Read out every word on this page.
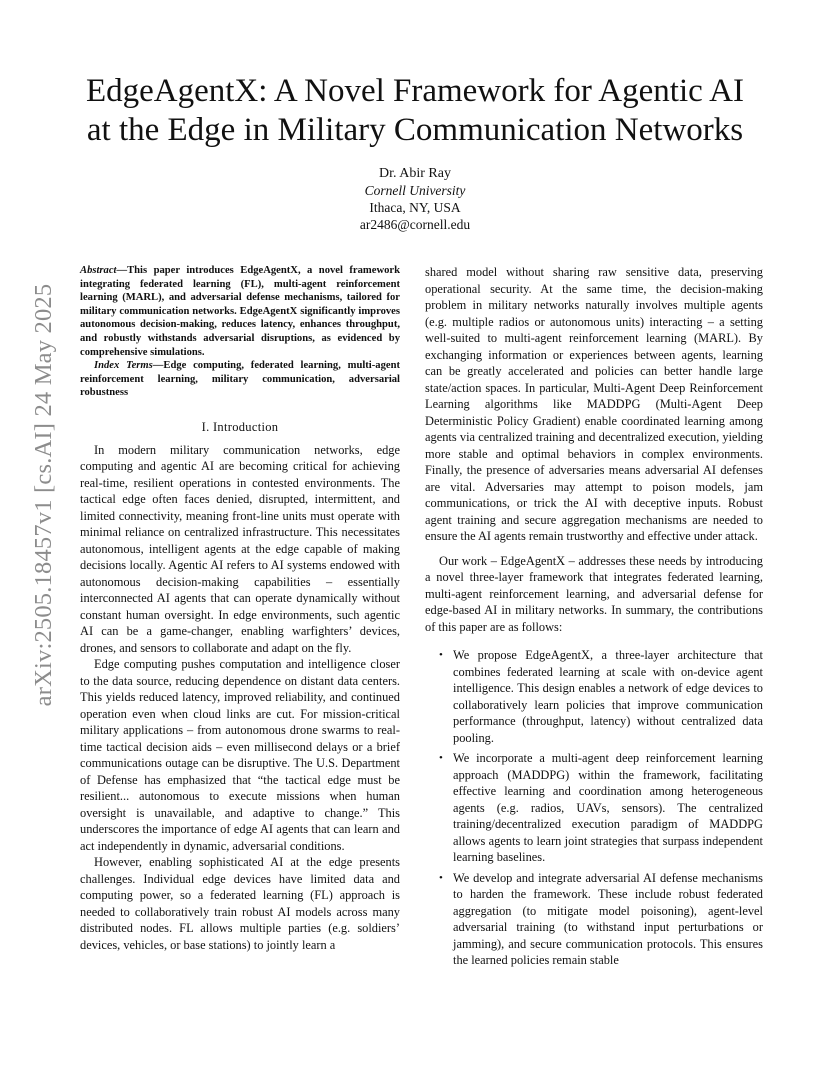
arXiv:2505.18457v1 [cs.AI] 24 May 2025
EdgeAgentX: A Novel Framework for Agentic AI
at the Edge in Military Communication Networks
Dr. Abir Ray
Cornell University
Ithaca, NY, USA
ar2486@cornell.edu

Abstract—This paper introduces EdgeAgentX, a novel framework integrating federated learning (FL), multi-agent reinforcement learning (MARL), and adversarial defense mechanisms, tailored for military communication networks. EdgeAgentX significantly improves autonomous decision-making, reduces latency, enhances throughput, and robustly withstands adversarial disruptions, as evidenced by comprehensive simulations.

Index Terms—Edge computing, federated learning, multi-agent reinforcement learning, military communication, adversarial robustness

I. Introduction

In modern military communication networks, edge computing and agentic AI are becoming critical for achieving real-time, resilient operations in contested environments. The tactical edge often faces denied, disrupted, intermittent, and limited connectivity, meaning front-line units must operate with minimal reliance on centralized infrastructure. This necessitates autonomous, intelligent agents at the edge capable of making decisions locally. Agentic AI refers to AI systems endowed with autonomous decision-making capabilities – essentially interconnected AI agents that can operate dynamically without constant human oversight. In edge environments, such agentic AI can be a game-changer, enabling warfighters’ devices, drones, and sensors to collaborate and adapt on the fly.

Edge computing pushes computation and intelligence closer to the data source, reducing dependence on distant data centers. This yields reduced latency, improved reliability, and continued operation even when cloud links are cut. For mission-critical military applications – from autonomous drone swarms to real-time tactical decision aids – even millisecond delays or a brief communications outage can be disruptive. The U.S. Department of Defense has emphasized that “the tactical edge must be resilient... autonomous to execute missions when human oversight is unavailable, and adaptive to change.” This underscores the importance of edge AI agents that can learn and act independently in dynamic, adversarial conditions.

However, enabling sophisticated AI at the edge presents challenges. Individual edge devices have limited data and computing power, so a federated learning (FL) approach is needed to collaboratively train robust AI models across many distributed nodes. FL allows multiple parties (e.g. soldiers’ devices, vehicles, or base stations) to jointly learn a

shared model without sharing raw sensitive data, preserving operational security. At the same time, the decision-making problem in military networks naturally involves multiple agents (e.g. multiple radios or autonomous units) interacting – a setting well-suited to multi-agent reinforcement learning (MARL). By exchanging information or experiences between agents, learning can be greatly accelerated and policies can better handle large state/action spaces. In particular, Multi-Agent Deep Reinforcement Learning algorithms like MADDPG (Multi-Agent Deep Deterministic Policy Gradient) enable coordinated learning among agents via centralized training and decentralized execution, yielding more stable and optimal behaviors in complex environments. Finally, the presence of adversaries means adversarial AI defenses are vital. Adversaries may attempt to poison models, jam communications, or trick the AI with deceptive inputs. Robust agent training and secure aggregation mechanisms are needed to ensure the AI agents remain trustworthy and effective under attack.

Our work – EdgeAgentX – addresses these needs by introducing a novel three-layer framework that integrates federated learning, multi-agent reinforcement learning, and adversarial defense for edge-based AI in military networks. In summary, the contributions of this paper are as follows:

• We propose EdgeAgentX, a three-layer architecture that combines federated learning at scale with on-device agent intelligence. This design enables a network of edge devices to collaboratively learn policies that improve communication performance (throughput, latency) without centralized data pooling.
• We incorporate a multi-agent deep reinforcement learning approach (MADDPG) within the framework, facilitating effective learning and coordination among heterogeneous agents (e.g. radios, UAVs, sensors). The centralized training/decentralized execution paradigm of MADDPG allows agents to learn joint strategies that surpass independent learning baselines.
• We develop and integrate adversarial AI defense mechanisms to harden the framework. These include robust federated aggregation (to mitigate model poisoning), agent-level adversarial training (to withstand input perturbations or jamming), and secure communication protocols. This ensures the learned policies remain stable
